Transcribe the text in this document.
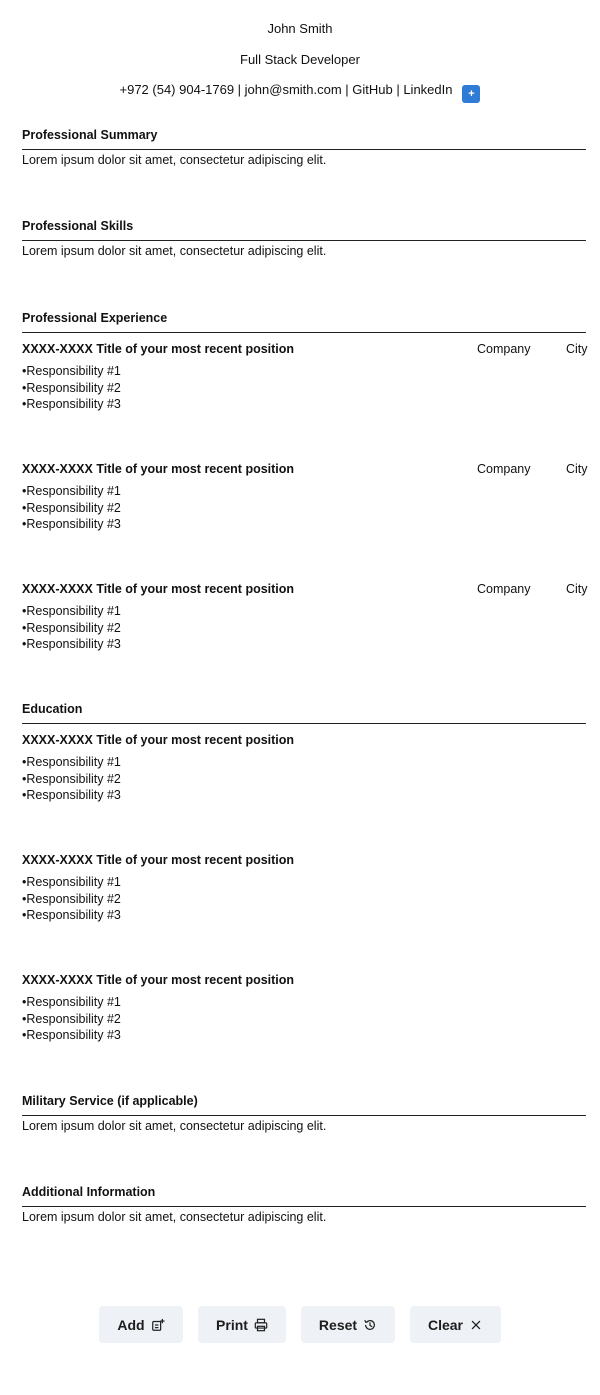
John Smith
Full Stack Developer
+972 (54) 904-1769 | john@smith.com | GitHub | LinkedIn +
Professional Summary
Lorem ipsum dolor sit amet, consectetur adipiscing elit.
Professional Skills
Lorem ipsum dolor sit amet, consectetur adipiscing elit.
Professional Experience
XXXX-XXXX Title of your most recent position	Company	City
• Responsibility #1
• Responsibility #2
• Responsibility #3
XXXX-XXXX Title of your most recent position	Company	City
• Responsibility #1
• Responsibility #2
• Responsibility #3
XXXX-XXXX Title of your most recent position	Company	City
• Responsibility #1
• Responsibility #2
• Responsibility #3
Education
XXXX-XXXX Title of your most recent position
• Responsibility #1
• Responsibility #2
• Responsibility #3
XXXX-XXXX Title of your most recent position
• Responsibility #1
• Responsibility #2
• Responsibility #3
XXXX-XXXX Title of your most recent position
• Responsibility #1
• Responsibility #2
• Responsibility #3
Military Service (if applicable)
Lorem ipsum dolor sit amet, consectetur adipiscing elit.
Additional Information
Lorem ipsum dolor sit amet, consectetur adipiscing elit.
Add	Print	Reset	Clear
